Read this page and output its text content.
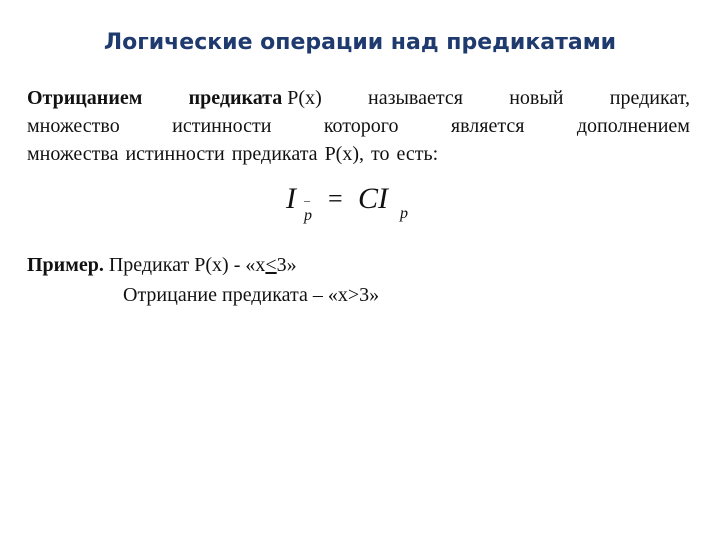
Логические операции над предикатами
Отрицанием предиката P(x) называется новый предикат,
множество	истинности	которого	является	дополнением
множества истинности предиката P(x), то есть:
I –
p
= CI p
Пример. Предикат P(x) - «x<3»
Отрицание предиката – «x>3»
